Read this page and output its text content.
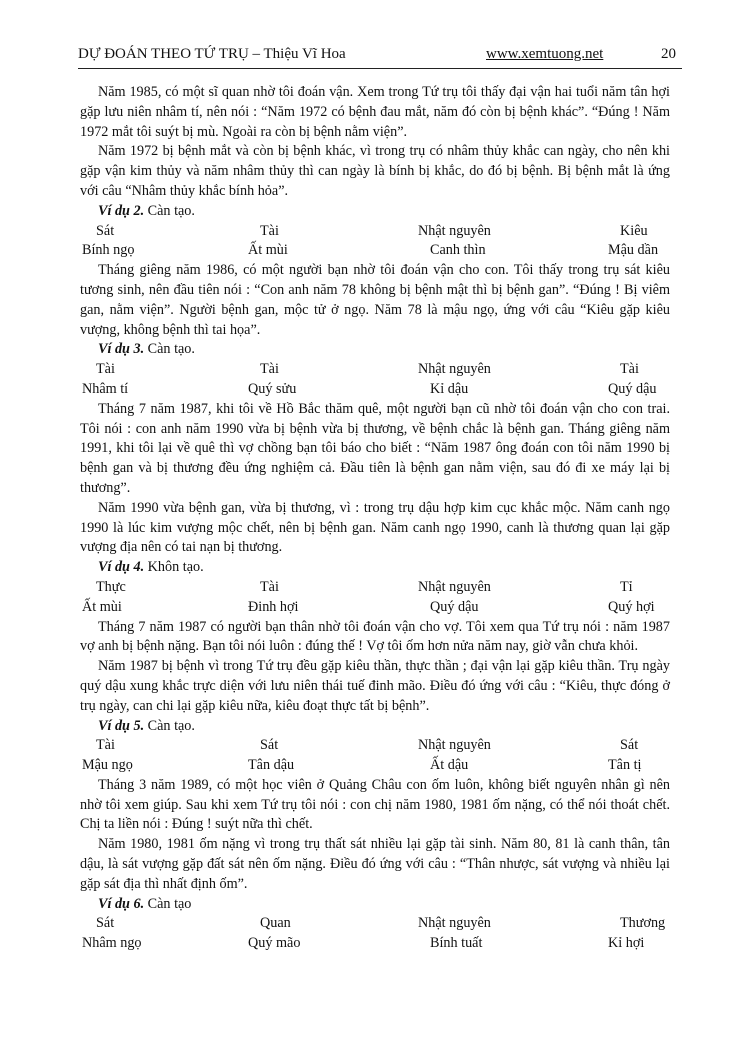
DỰ ĐOÁN THEO TỨ TRỤ – Thiệu Vĩ Hoa	www.xemtuong.net	20

Năm 1985, có một sĩ quan nhờ tôi đoán vận. Xem trong Tứ trụ tôi thấy đại vận hai tuổi năm tân hợi gặp lưu niên nhâm tí, nên nói : “Năm 1972 có bệnh đau mắt, năm đó còn bị bệnh khác”. “Đúng ! Năm 1972 mắt tôi suýt bị mù. Ngoài ra còn bị bệnh nằm viện”.

Năm 1972 bị bệnh mắt và còn bị bệnh khác, vì trong trụ có nhâm thủy khắc can ngày, cho nên khi gặp vận kim thủy và năm nhâm thủy thì can ngày là bính bị khắc, do đó bị bệnh. Bị bệnh mắt là ứng với câu “Nhâm thủy khắc bính hỏa”.

Ví dụ 2. Càn tạo.

Sát	Tài	Nhật nguyên	Kiêu
Bính ngọ	Ất mùi	Canh thìn	Mậu dần

Tháng giêng năm 1986, có một người bạn nhờ tôi đoán vận cho con. Tôi thấy trong trụ sát kiêu tương sinh, nên đầu tiên nói : “Con anh năm 78 không bị bệnh mật thì bị bệnh gan”. “Đúng ! Bị viêm gan, nằm viện”. Người bệnh gan, mộc tử ở ngọ. Năm 78 là mậu ngọ, ứng với câu “Kiêu gặp kiêu vượng, không bệnh thì tai họa”.

Ví dụ 3. Càn tạo.

Tài	Tài	Nhật nguyên	Tài
Nhâm tí	Quý sửu	Kỉ dậu	Quý dậu

Tháng 7 năm 1987, khi tôi về Hồ Bắc thăm quê, một người bạn cũ nhờ tôi đoán vận cho con trai. Tôi nói : con anh năm 1990 vừa bị bệnh vừa bị thương, về bệnh chắc là bệnh gan. Tháng giêng năm 1991, khi tôi lại về quê thì vợ chồng bạn tôi báo cho biết : “Năm 1987 ông đoán con tôi năm 1990 bị bệnh gan và bị thương đều ứng nghiệm cả. Đầu tiên là bệnh gan nằm viện, sau đó đi xe máy lại bị thương”.

Năm 1990 vừa bệnh gan, vừa bị thương, vì : trong trụ dậu hợp kim cục khắc mộc. Năm canh ngọ 1990 là lúc kim vượng mộc chết, nên bị bệnh gan. Năm canh ngọ 1990, canh là thương quan lại gặp vượng địa nên có tai nạn bị thương.

Ví dụ 4. Khôn tạo.

Thực	Tài	Nhật nguyên	Tỉ
Ất mùi	Đinh hợi	Quý dậu	Quý hợi

Tháng 7 năm 1987 có người bạn thân nhờ tôi đoán vận cho vợ. Tôi xem qua Tứ trụ nói : năm 1987 vợ anh bị bệnh nặng. Bạn tôi nói luôn : đúng thế ! Vợ tôi ốm hơn nửa năm nay, giờ vẫn chưa khỏi.

Năm 1987 bị bệnh vì trong Tứ trụ đều gặp kiêu thần, thực thần ; đại vận lại gặp kiêu thần. Trụ ngày quý dậu xung khắc trực diện với lưu niên thái tuế đinh mão. Điều đó ứng với câu : “Kiêu, thực đóng ở trụ ngày, can chi lại gặp kiêu nữa, kiêu đoạt thực tất bị bệnh”.

Ví dụ 5. Càn tạo.

Tài	Sát	Nhật nguyên	Sát
Mậu ngọ	Tân dậu	Ất dậu	Tân tị

Tháng 3 năm 1989, có một học viên ở Quảng Châu con ốm luôn, không biết nguyên nhân gì nên nhờ tôi xem giúp. Sau khi xem Tứ trụ tôi nói : con chị năm 1980, 1981 ốm nặng, có thể nói thoát chết. Chị ta liền nói : Đúng ! suýt nữa thì chết.

Năm 1980, 1981 ốm nặng vì trong trụ thất sát nhiều lại gặp tài sinh. Năm 80, 81 là canh thân, tân dậu, là sát vượng gặp đất sát nên ốm nặng. Điều đó ứng với câu : “Thân nhược, sát vượng và nhiều lại gặp sát địa thì nhất định ốm”.

Ví dụ 6. Càn tạo

Sát	Quan	Nhật nguyên	Thương
Nhâm ngọ	Quý mão	Bính tuất	Kỉ hợi
